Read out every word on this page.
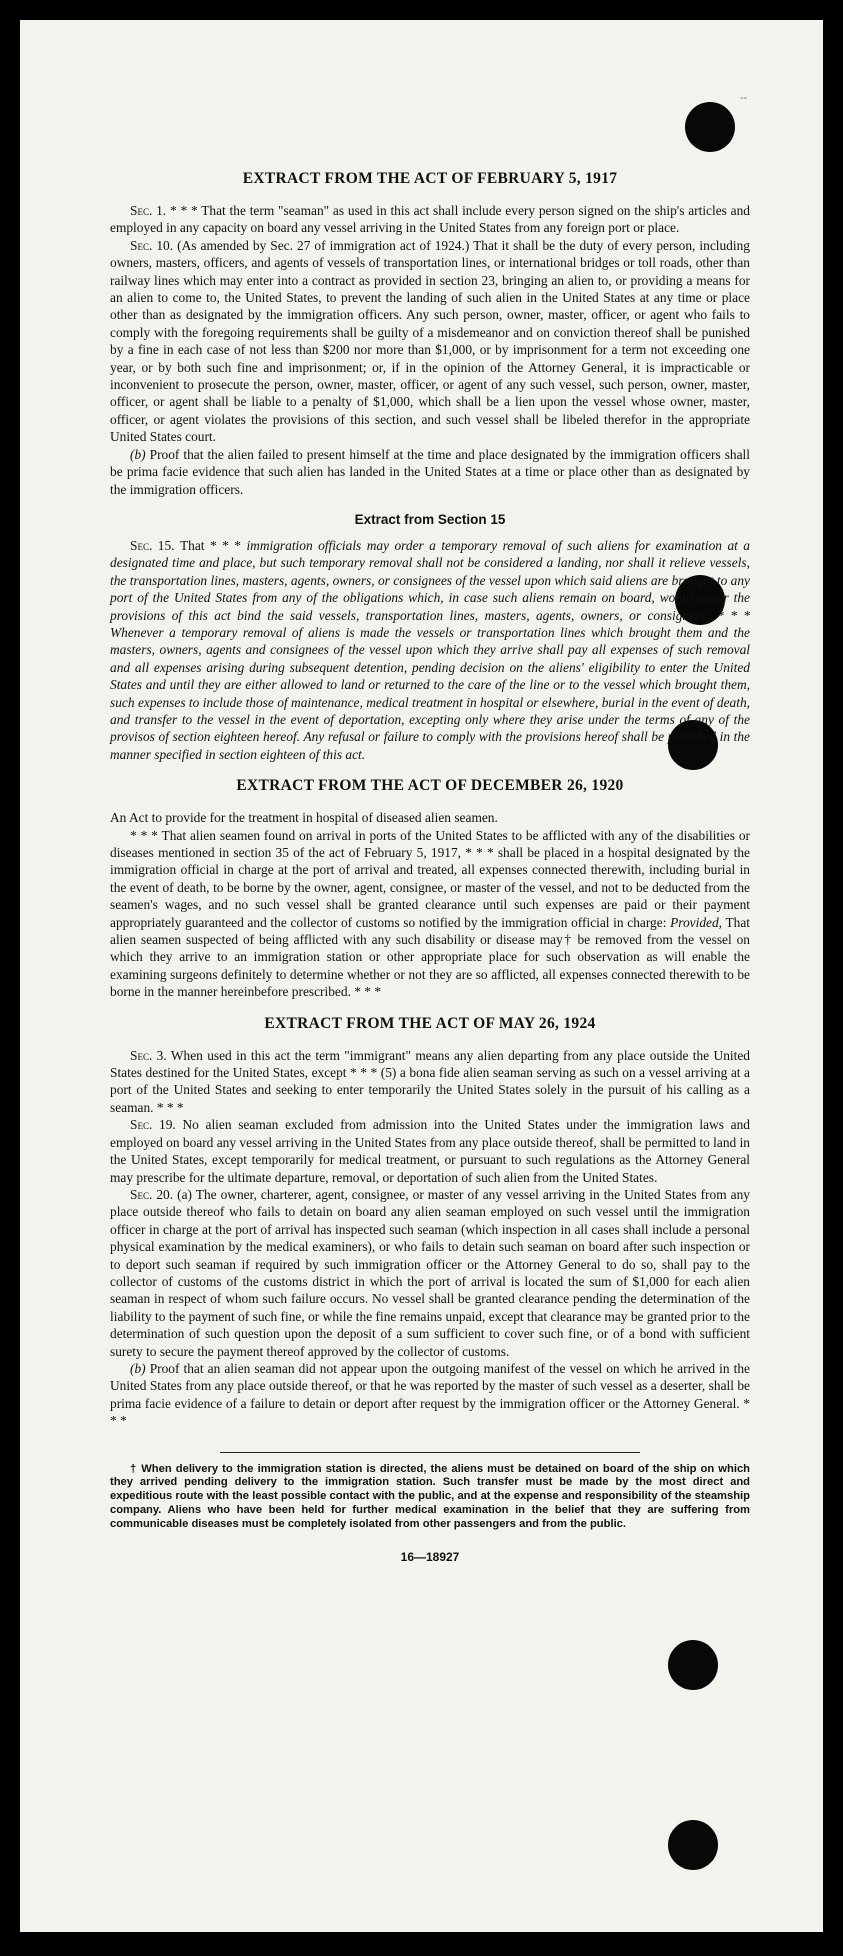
--
EXTRACT FROM THE ACT OF FEBRUARY 5, 1917

Sec. 1. * * * That the term "seaman" as used in this act shall include every person signed on the ship's articles and employed in any capacity on board any vessel arriving in the United States from any foreign port or place.

Sec. 10. (As amended by Sec. 27 of immigration act of 1924.) That it shall be the duty of every person, including owners, masters, officers, and agents of vessels of transportation lines, or international bridges or toll roads, other than railway lines which may enter into a contract as provided in section 23, bringing an alien to, or providing a means for an alien to come to, the United States, to prevent the landing of such alien in the United States at any time or place other than as designated by the immigration officers. Any such person, owner, master, officer, or agent who fails to comply with the foregoing requirements shall be guilty of a misdemeanor and on conviction thereof shall be punished by a fine in each case of not less than $200 nor more than $1,000, or by imprisonment for a term not exceeding one year, or by both such fine and imprisonment; or, if in the opinion of the Attorney General, it is impracticable or inconvenient to prosecute the person, owner, master, officer, or agent of any such vessel, such person, owner, master, officer, or agent shall be liable to a penalty of $1,000, which shall be a lien upon the vessel whose owner, master, officer, or agent violates the provisions of this section, and such vessel shall be libeled therefor in the appropriate United States court.

(b) Proof that the alien failed to present himself at the time and place designated by the immigration officers shall be prima facie evidence that such alien has landed in the United States at a time or place other than as designated by the immigration officers.

Extract from Section 15

Sec. 15. That * * * immigration officials may order a temporary removal of such aliens for examination at a designated time and place, but such temporary removal shall not be considered a landing, nor shall it relieve vessels, the transportation lines, masters, agents, owners, or consignees of the vessel upon which said aliens are brought to any port of the United States from any of the obligations which, in case such aliens remain on board, would under the provisions of this act bind the said vessels, transportation lines, masters, agents, owners, or consignees: * * * Whenever a temporary removal of aliens is made the vessels or transportation lines which brought them and the masters, owners, agents and consignees of the vessel upon which they arrive shall pay all expenses of such removal and all expenses arising during subsequent detention, pending decision on the aliens' eligibility to enter the United States and until they are either allowed to land or returned to the care of the line or to the vessel which brought them, such expenses to include those of maintenance, medical treatment in hospital or elsewhere, burial in the event of death, and transfer to the vessel in the event of deportation, excepting only where they arise under the terms of any of the provisos of section eighteen hereof. Any refusal or failure to comply with the provisions hereof shall be punished in the manner specified in section eighteen of this act.

EXTRACT FROM THE ACT OF DECEMBER 26, 1920

An Act to provide for the treatment in hospital of diseased alien seamen.

* * * That alien seamen found on arrival in ports of the United States to be afflicted with any of the disabilities or diseases mentioned in section 35 of the act of February 5, 1917, * * * shall be placed in a hospital designated by the immigration official in charge at the port of arrival and treated, all expenses connected therewith, including burial in the event of death, to be borne by the owner, agent, consignee, or master of the vessel, and not to be deducted from the seamen's wages, and no such vessel shall be granted clearance until such expenses are paid or their payment appropriately guaranteed and the collector of customs so notified by the immigration official in charge: Provided, That alien seamen suspected of being afflicted with any such disability or disease may† be removed from the vessel on which they arrive to an immigration station or other appropriate place for such observation as will enable the examining surgeons definitely to determine whether or not they are so afflicted, all expenses connected therewith to be borne in the manner hereinbefore prescribed. * * *

EXTRACT FROM THE ACT OF MAY 26, 1924

Sec. 3. When used in this act the term "immigrant" means any alien departing from any place outside the United States destined for the United States, except * * * (5) a bona fide alien seaman serving as such on a vessel arriving at a port of the United States and seeking to enter temporarily the United States solely in the pursuit of his calling as a seaman. * * *

Sec. 19. No alien seaman excluded from admission into the United States under the immigration laws and employed on board any vessel arriving in the United States from any place outside thereof, shall be permitted to land in the United States, except temporarily for medical treatment, or pursuant to such regulations as the Attorney General may prescribe for the ultimate departure, removal, or deportation of such alien from the United States.

Sec. 20. (a) The owner, charterer, agent, consignee, or master of any vessel arriving in the United States from any place outside thereof who fails to detain on board any alien seaman employed on such vessel until the immigration officer in charge at the port of arrival has inspected such seaman (which inspection in all cases shall include a personal physical examination by the medical examiners), or who fails to detain such seaman on board after such inspection or to deport such seaman if required by such immigration officer or the Attorney General to do so, shall pay to the collector of customs of the customs district in which the port of arrival is located the sum of $1,000 for each alien seaman in respect of whom such failure occurs. No vessel shall be granted clearance pending the determination of the liability to the payment of such fine, or while the fine remains unpaid, except that clearance may be granted prior to the determination of such question upon the deposit of a sum sufficient to cover such fine, or of a bond with sufficient surety to secure the payment thereof approved by the collector of customs.

(b) Proof that an alien seaman did not appear upon the outgoing manifest of the vessel on which he arrived in the United States from any place outside thereof, or that he was reported by the master of such vessel as a deserter, shall be prima facie evidence of a failure to detain or deport after request by the immigration officer or the Attorney General. * * *

† When delivery to the immigration station is directed, the aliens must be detained on board of the ship on which they arrived pending delivery to the immigration station. Such transfer must be made by the most direct and expeditious route with the least possible contact with the public, and at the expense and responsibility of the steamship company. Aliens who have been held for further medical examination in the belief that they are suffering from communicable diseases must be completely isolated from other passengers and from the public.

16—18927
